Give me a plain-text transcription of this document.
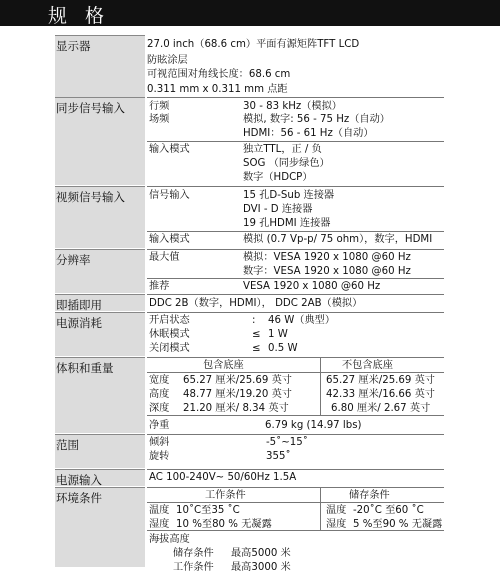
规 格
显示器	27.0 inch（68.6 cm）平面有源矩阵TFT LCD
防眩涂层
可视范围对角线长度：68.6 cm
0.311 mm x 0.311 mm 点距
同步信号输入	行频	30 - 83 kHz（模拟）
场频	模拟, 数字: 56 - 75 Hz（自动）
HDMI：56 - 61 Hz（自动）
输入模式	独立TTL，正 / 负
SOG （同步绿色）
数字（HDCP）
视频信号输入	信号输入	15 孔D-Sub 连接器
DVI - D 连接器
19 孔HDMI 连接器
输入模式	模拟 (0.7 Vp-p/ 75 ohm），数字，HDMI
分辨率	最大值	模拟：VESA 1920 x 1080 @60 Hz
数字：VESA 1920 x 1080 @60 Hz
推荐	VESA 1920 x 1080 @60 Hz
即插即用	DDC 2B（数字，HDMI）， DDC 2AB（模拟）
电源消耗	开启状态	: 46 W（典型）
休眠模式	≤ 1 W
关闭模式	≤ 0.5 W
体积和重量	包含底座	不包含底座
宽度 65.27 厘米/25.69 英寸	65.27 厘米/25.69 英寸
高度 48.77 厘米/19.20 英寸	42.33 厘米/16.66 英寸
深度 21.20 厘米/ 8.34 英寸	6.80 厘米/ 2.67 英寸
净重	6.79 kg (14.97 lbs)
范围	倾斜	-5˚~15˚
旋转	355˚
电源输入	AC 100-240V~ 50/60Hz 1.5A
环境条件	工作条件	储存条件
温度 10˚C至35 ˚C	温度 -20˚C 至60 ˚C
湿度 10 %至80 % 无凝露	湿度 5 %至90 % 无凝露
海拔高度
储存条件 最高5000 米
工作条件 最高3000 米
